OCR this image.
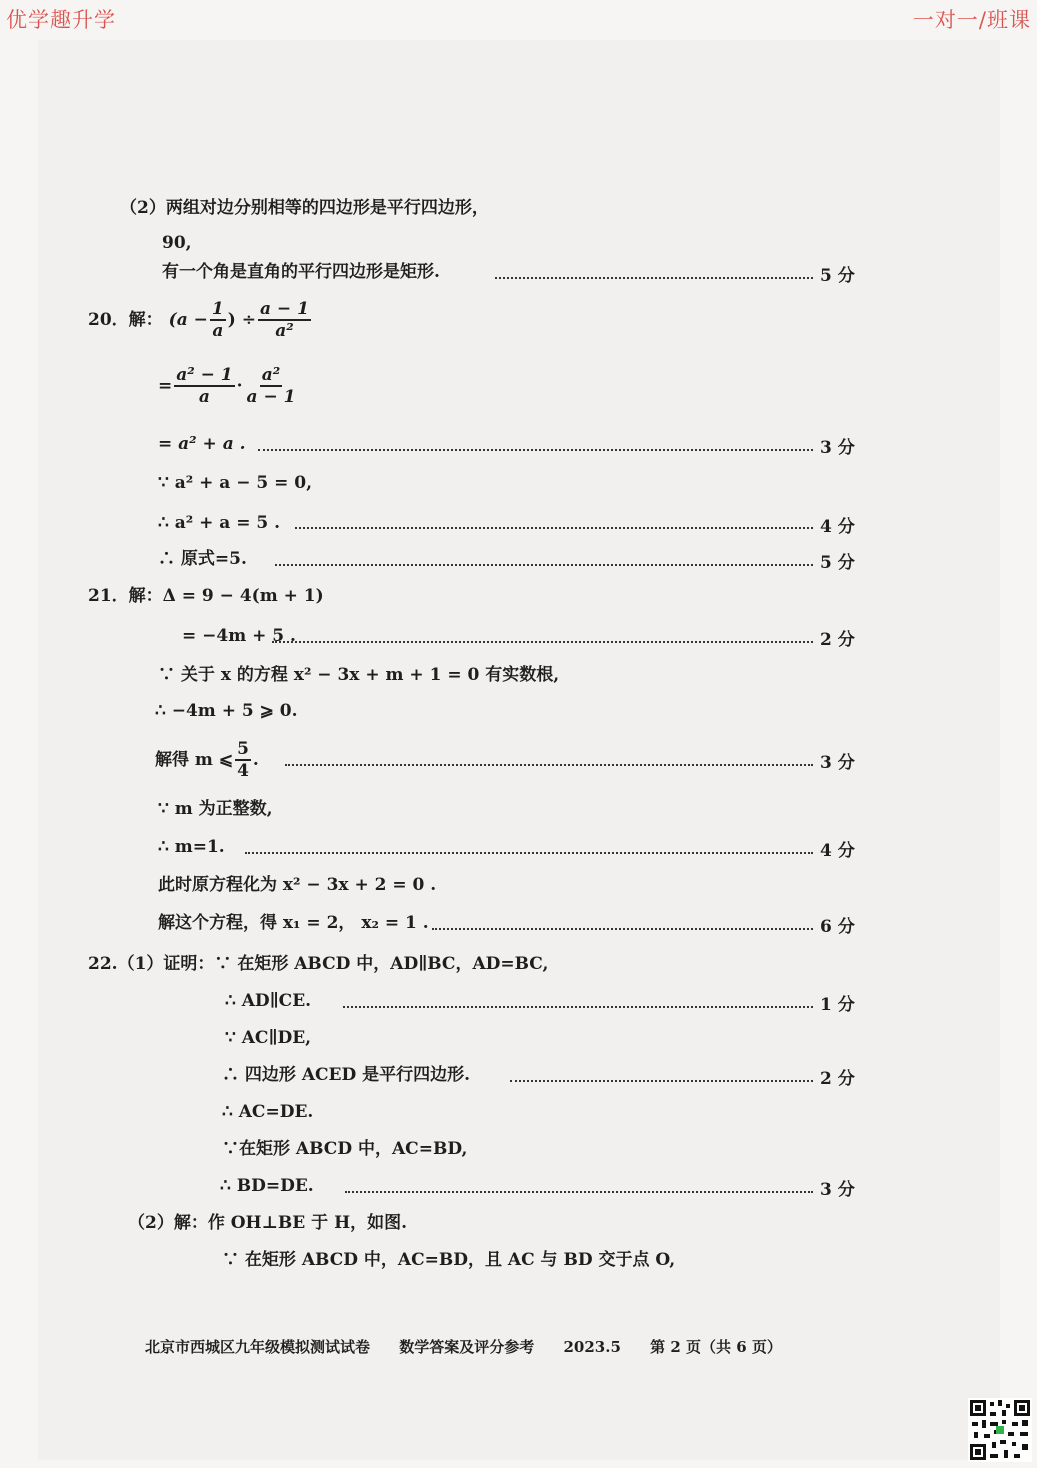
优学趣升学	一对一/班课
（2）两组对边分别相等的四边形是平行四边形，
90,
有一个角是直角的平行四边形是矩形.	5 分
20．解： ($a - \frac{1}{a}$ ) ÷ $\frac{a - 1}{\text{a²}}$
= $\frac{\text{a² − 1}}{a} \cdot \frac{\text{a²}}{a - 1}$
= a² + a .	3 分
∵ a² + a − 5 = 0,
∴ a² + a = 5 .	4 分
∴ 原式=5.	5 分
21．解：Δ = 9 − 4(m + 1)
= −4m + 5 .	2 分
∵ 关于 x 的方程 x² − 3x + m + 1 = 0 有实数根,
∴ −4m + 5 ⩾ 0.
解得 m ⩽ $\frac{5}{4}$ .	3 分
∵ m 为正整数,
∴ m=1.	4 分
此时原方程化为 x² − 3x + 2 = 0 .
解这个方程，得 x₁ = 2， x₂ = 1 .	6 分
22.（1）证明：∵ 在矩形 ABCD 中，AD∥BC，AD=BC,
∴ AD∥CE.	1 分
∵ AC∥DE,
∴ 四边形 ACED 是平行四边形.	2 分
∴ AC=DE.
∵在矩形 ABCD 中，AC=BD,
∴ BD=DE.	3 分
（2）解：作 OH⊥BE 于 H，如图.
∵ 在矩形 ABCD 中，AC=BD，且 AC 与 BD 交于点 O,
北京市西城区九年级模拟测试试卷 数学答案及评分参考 2023.5 第 2 页（共 6 页）
